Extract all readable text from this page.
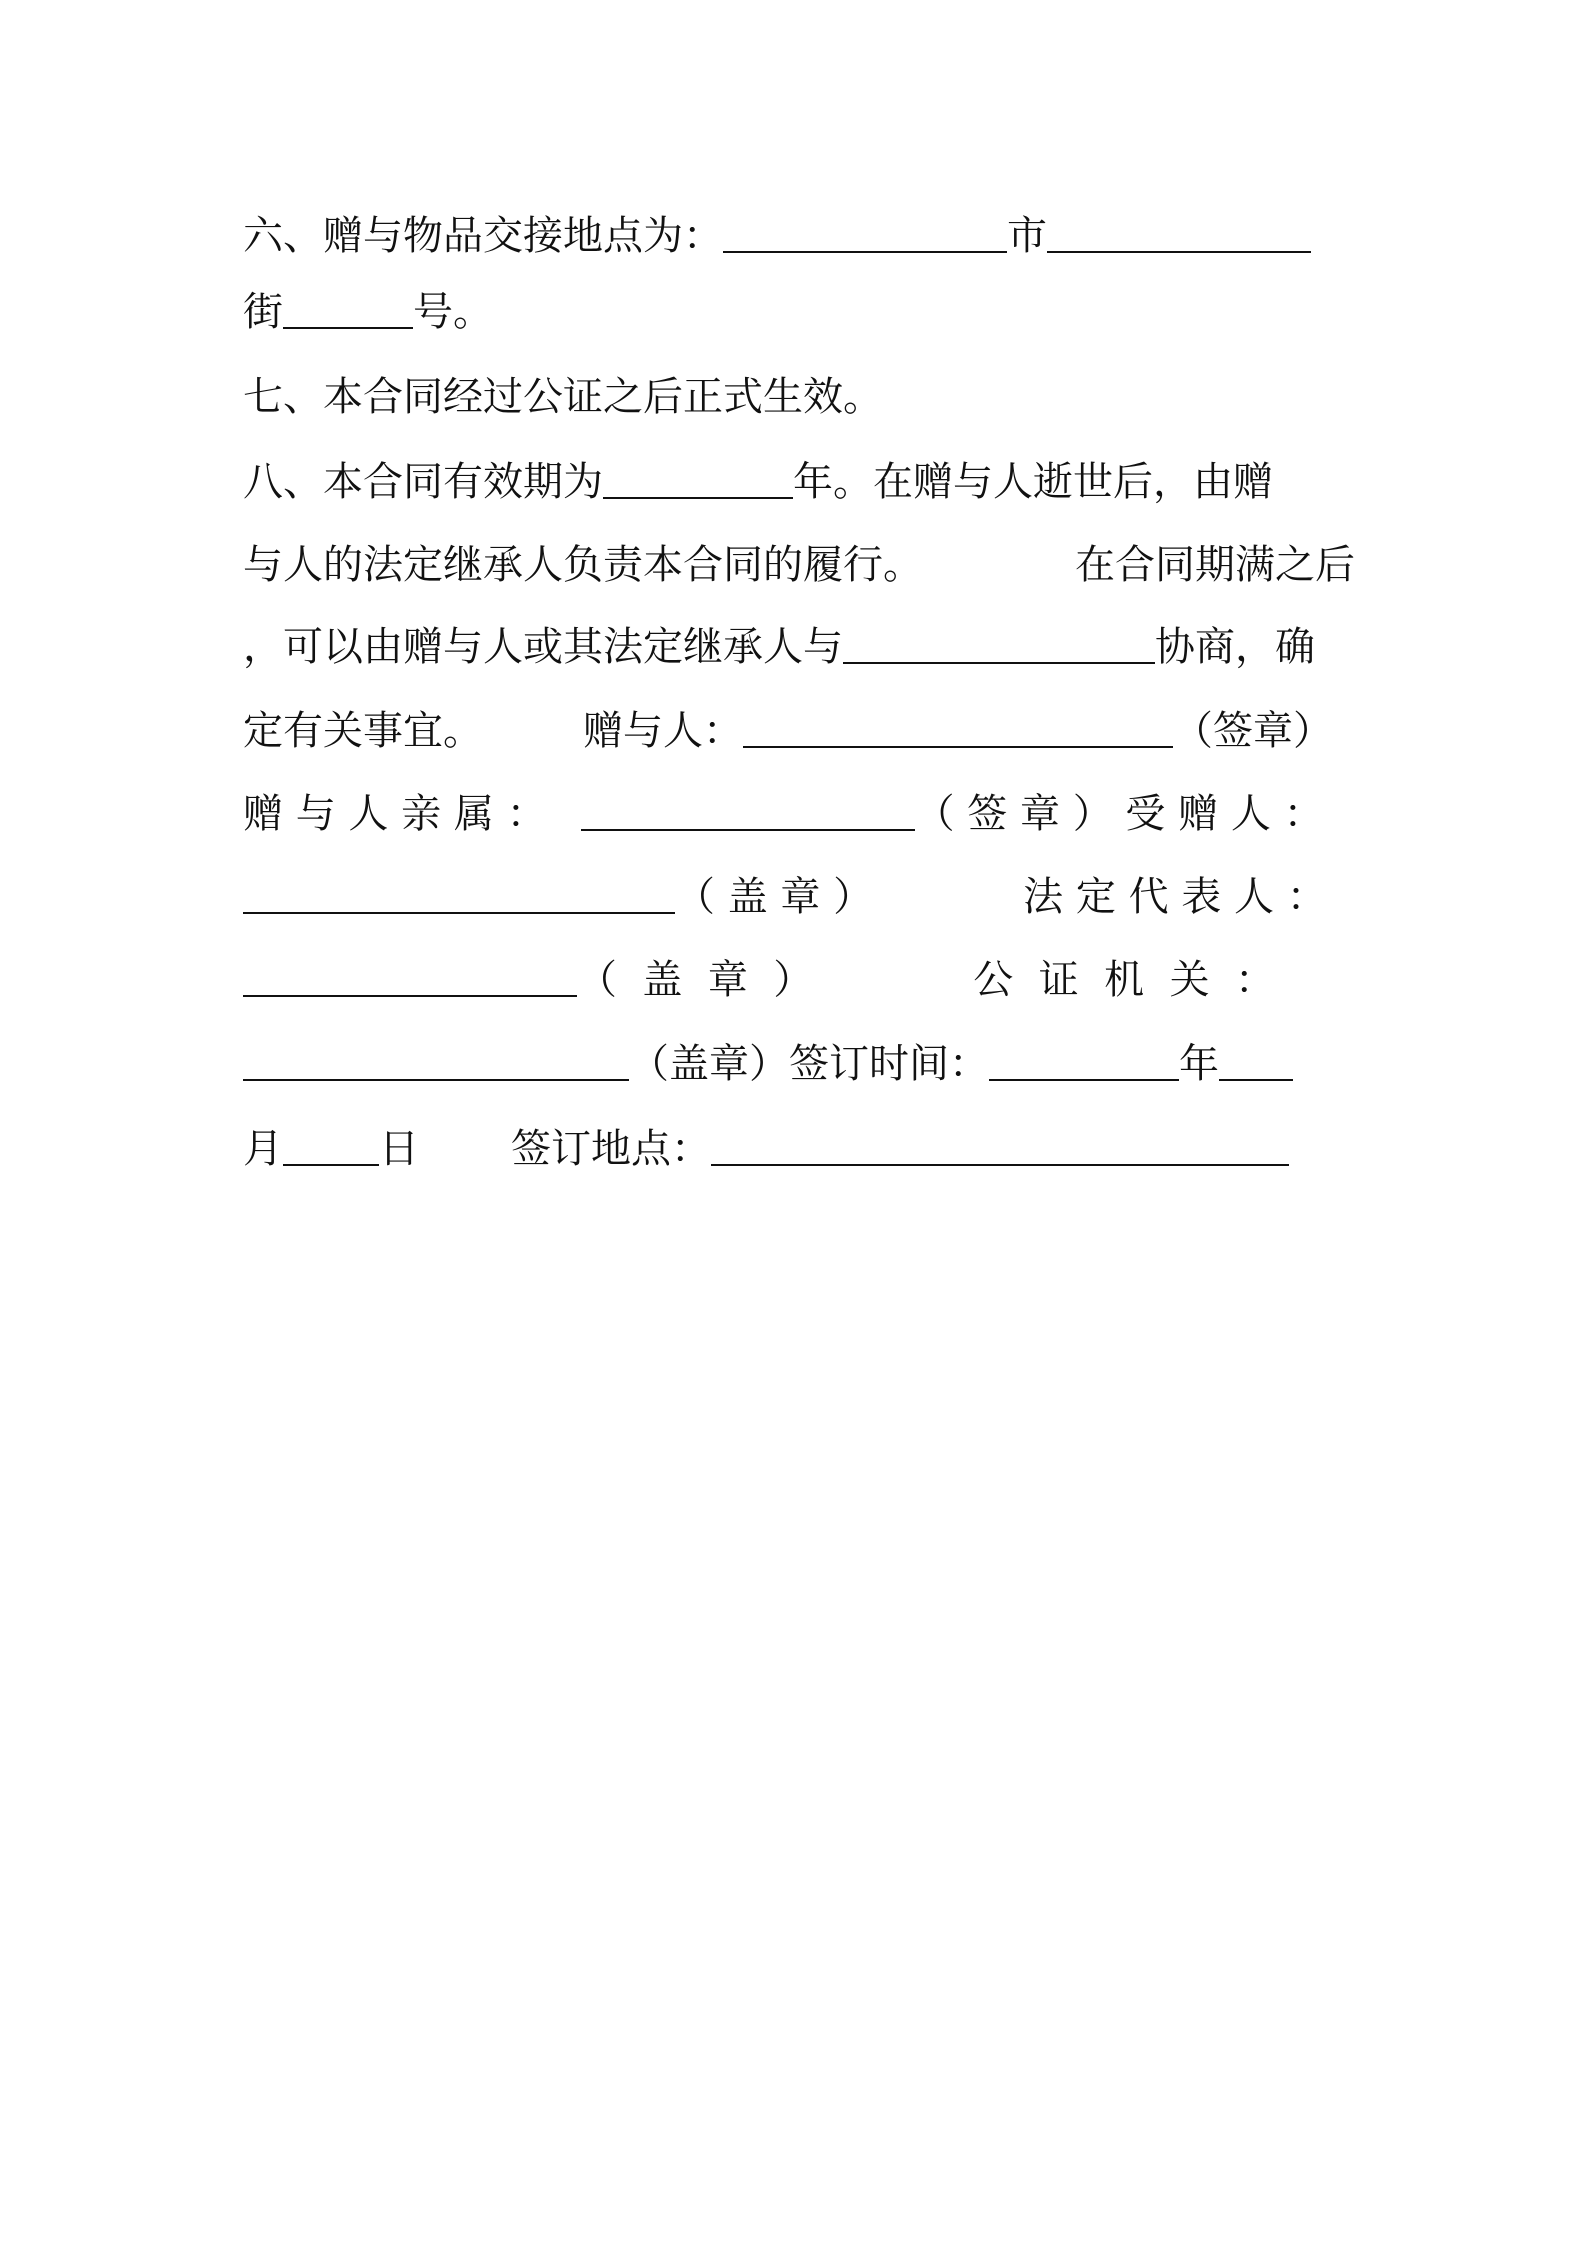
六、赠与物品交接地点为：	市
街	号。
七、本合同经过公证之后正式生效。
八、本合同有效期为	年。在赠与人逝世后，由赠
与人的法定继承人负责本合同的履行。	在合同期满之后
，可以由赠与人或其法定继承人与	协商，确
定有关事宜。	赠与人：	（签章）
赠 与 人 亲 属 ：	（ 签 章 ） 受 赠 人 ：
（ 盖 章 ）	法 定 代 表 人 ：
（  盖  章  ）	公  证  机  关  ：
（盖章）签订时间：	年
月 日 签订地点：
